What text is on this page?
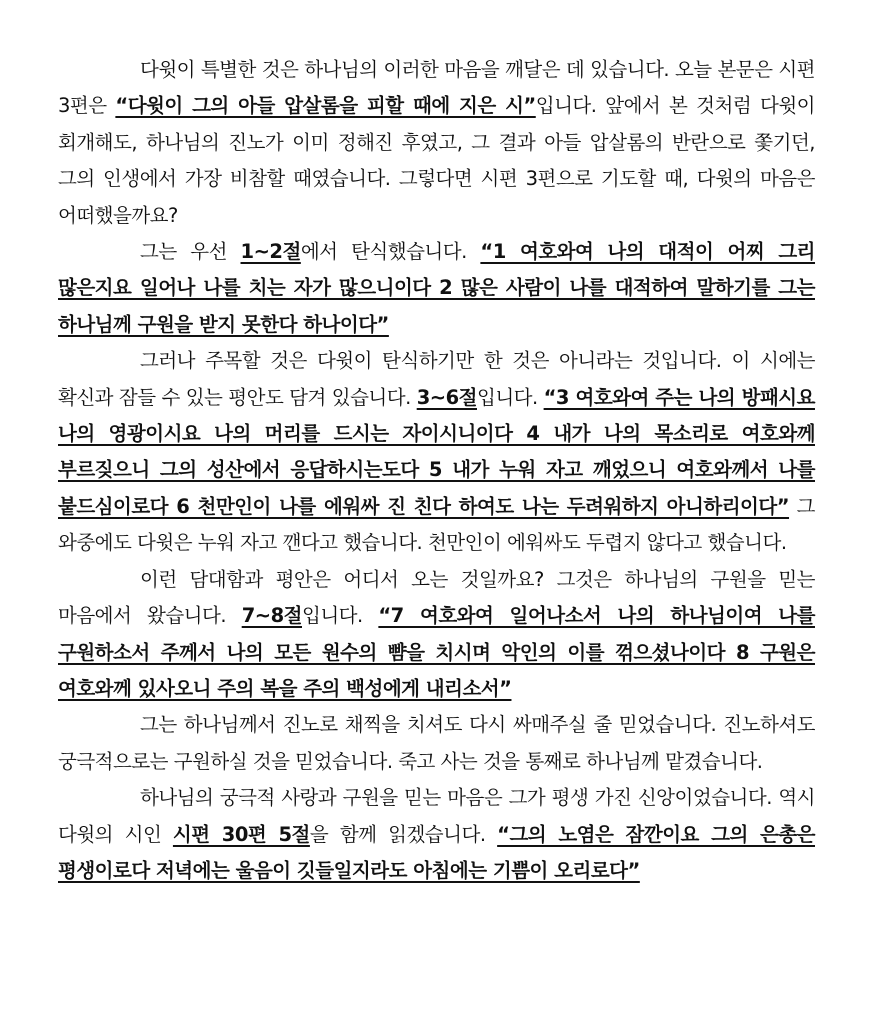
다윗이 특별한 것은 하나님의 이러한 마음을 깨달은 데 있습니다. 오늘 본문은 시편 3편은 “다윗이 그의 아들 압살롬을 피할 때에 지은 시”입니다. 앞에서 본 것처럼 다윗이 회개해도, 하나님의 진노가 이미 정해진 후였고, 그 결과 아들 압살롬의 반란으로 쫓기던, 그의 인생에서 가장 비참할 때였습니다. 그렇다면 시편 3편으로 기도할 때, 다윗의 마음은 어떠했을까요?

그는 우선 1~2절에서 탄식했습니다. “1 여호와여 나의 대적이 어찌 그리 많은지요 일어나 나를 치는 자가 많으니이다 2 많은 사람이 나를 대적하여 말하기를 그는 하나님께 구원을 받지 못한다 하나이다”

그러나 주목할 것은 다윗이 탄식하기만 한 것은 아니라는 것입니다. 이 시에는 확신과 잠들 수 있는 평안도 담겨 있습니다. 3~6절입니다. “3 여호와여 주는 나의 방패시요 나의 영광이시요 나의 머리를 드시는 자이시니이다 4 내가 나의 목소리로 여호와께 부르짖으니 그의 성산에서 응답하시는도다 5 내가 누워 자고 깨었으니 여호와께서 나를 붙드심이로다 6 천만인이 나를 에워싸 진 친다 하여도 나는 두려워하지 아니하리이다” 그 와중에도 다윗은 누워 자고 깬다고 했습니다. 천만인이 에워싸도 두렵지 않다고 했습니다.

이런 담대함과 평안은 어디서 오는 것일까요? 그것은 하나님의 구원을 믿는 마음에서 왔습니다. 7~8절입니다. “7 여호와여 일어나소서 나의 하나님이여 나를 구원하소서 주께서 나의 모든 원수의 뺨을 치시며 악인의 이를 꺾으셨나이다 8 구원은 여호와께 있사오니 주의 복을 주의 백성에게 내리소서”

그는 하나님께서 진노로 채찍을 치셔도 다시 싸매주실 줄 믿었습니다. 진노하셔도 궁극적으로는 구원하실 것을 믿었습니다. 죽고 사는 것을 통째로 하나님께 맡겼습니다.

하나님의 궁극적 사랑과 구원을 믿는 마음은 그가 평생 가진 신앙이었습니다. 역시 다윗의 시인 시편 30편 5절을 함께 읽겠습니다. “그의 노염은 잠깐이요 그의 은총은 평생이로다 저녁에는 울음이 깃들일지라도 아침에는 기쁨이 오리로다”
